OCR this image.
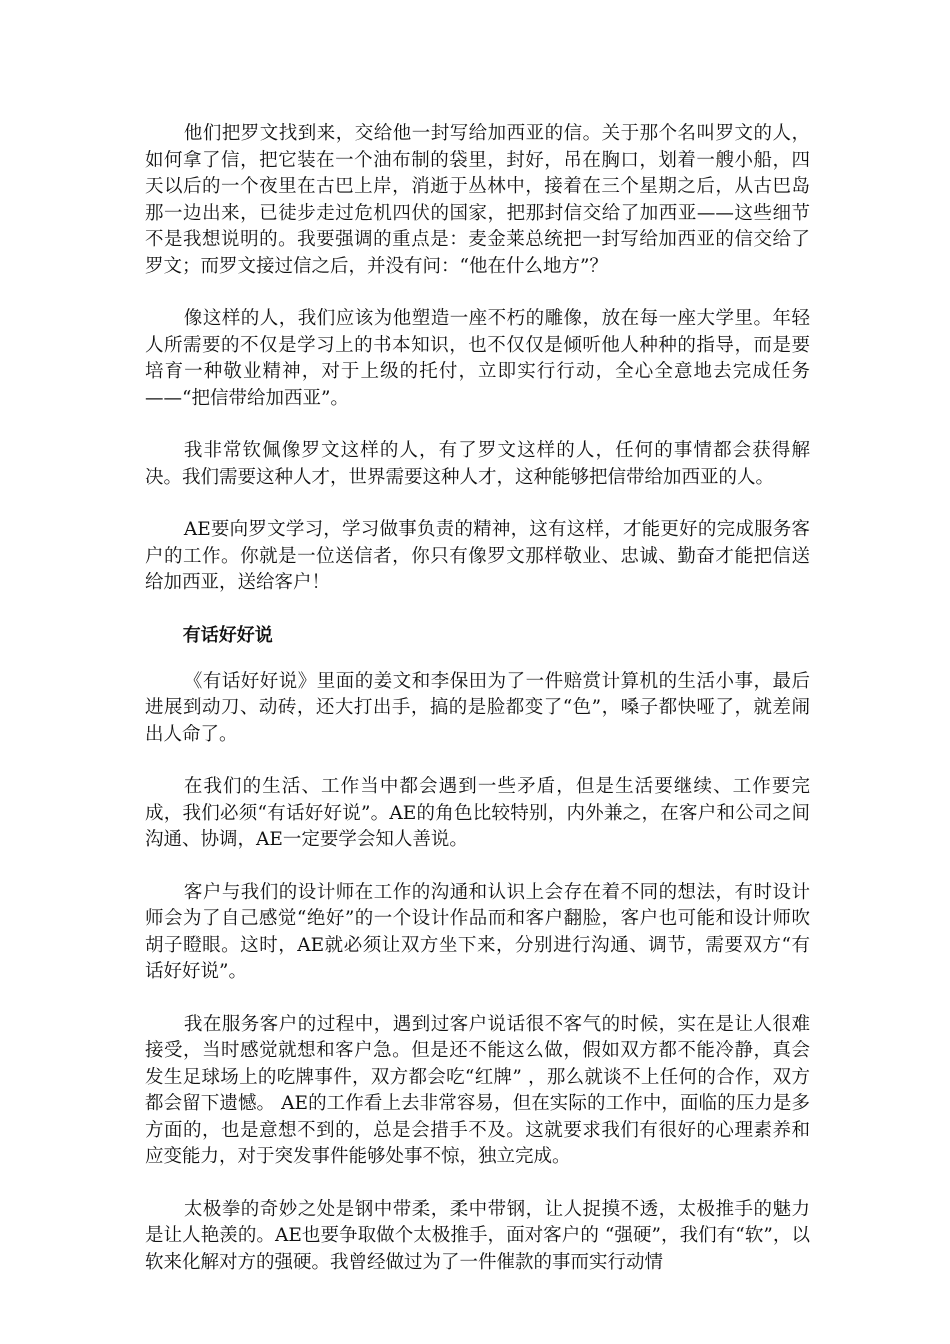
他们把罗文找到来，交给他一封写给加西亚的信。关于那个名叫罗文的人，如何拿了信，把它装在一个油布制的袋里，封好，吊在胸口，划着一艘小船，四天以后的一个夜里在古巴上岸，消逝于丛林中，接着在三个星期之后，从古巴岛那一边出来，已徒步走过危机四伏的国家，把那封信交给了加西亚——这些细节不是我想说明的。我要强调的重点是：麦金莱总统把一封写给加西亚的信交给了罗文；而罗文接过信之后，并没有问：“他在什么地方”？

像这样的人，我们应该为他塑造一座不朽的雕像，放在每一座大学里。年轻人所需要的不仅是学习上的书本知识，也不仅仅是倾听他人种种的指导，而是要培育一种敬业精神，对于上级的托付，立即实行行动，全心全意地去完成任务——“把信带给加西亚”。

我非常钦佩像罗文这样的人，有了罗文这样的人，任何的事情都会获得解决。我们需要这种人才，世界需要这种人才，这种能够把信带给加西亚的人。

AE要向罗文学习，学习做事负责的精神，这有这样，才能更好的完成服务客户的工作。你就是一位送信者，你只有像罗文那样敬业、忠诚、勤奋才能把信送给加西亚，送给客户！

有话好好说

《有话好好说》里面的姜文和李保田为了一件赔赏计算机的生活小事，最后进展到动刀、动砖，还大打出手，搞的是脸都变了“色”，嗓子都快哑了，就差闹出人命了。

在我们的生活、工作当中都会遇到一些矛盾，但是生活要继续、工作要完成，我们必须“有话好好说”。AE的角色比较特别，内外兼之，在客户和公司之间沟通、协调，AE一定要学会知人善说。

客户与我们的设计师在工作的沟通和认识上会存在着不同的想法，有时设计师会为了自己感觉“绝好”的一个设计作品而和客户翻脸，客户也可能和设计师吹胡子瞪眼。这时，AE就必须让双方坐下来，分别进行沟通、调节，需要双方“有话好好说”。

我在服务客户的过程中，遇到过客户说话很不客气的时候，实在是让人很难接受，当时感觉就想和客户急。但是还不能这么做，假如双方都不能冷静，真会发生足球场上的吃牌事件，双方都会吃“红牌” ，那么就谈不上任何的合作，双方都会留下遗憾。 AE的工作看上去非常容易，但在实际的工作中，面临的压力是多方面的，也是意想不到的，总是会措手不及。这就要求我们有很好的心理素养和应变能力，对于突发事件能够处事不惊，独立完成。

太极拳的奇妙之处是钢中带柔，柔中带钢，让人捉摸不透，太极推手的魅力是让人艳羡的。AE也要争取做个太极推手，面对客户的 “强硬”，我们有“软”，以软来化解对方的强硬。我曾经做过为了一件催款的事而实行动情
